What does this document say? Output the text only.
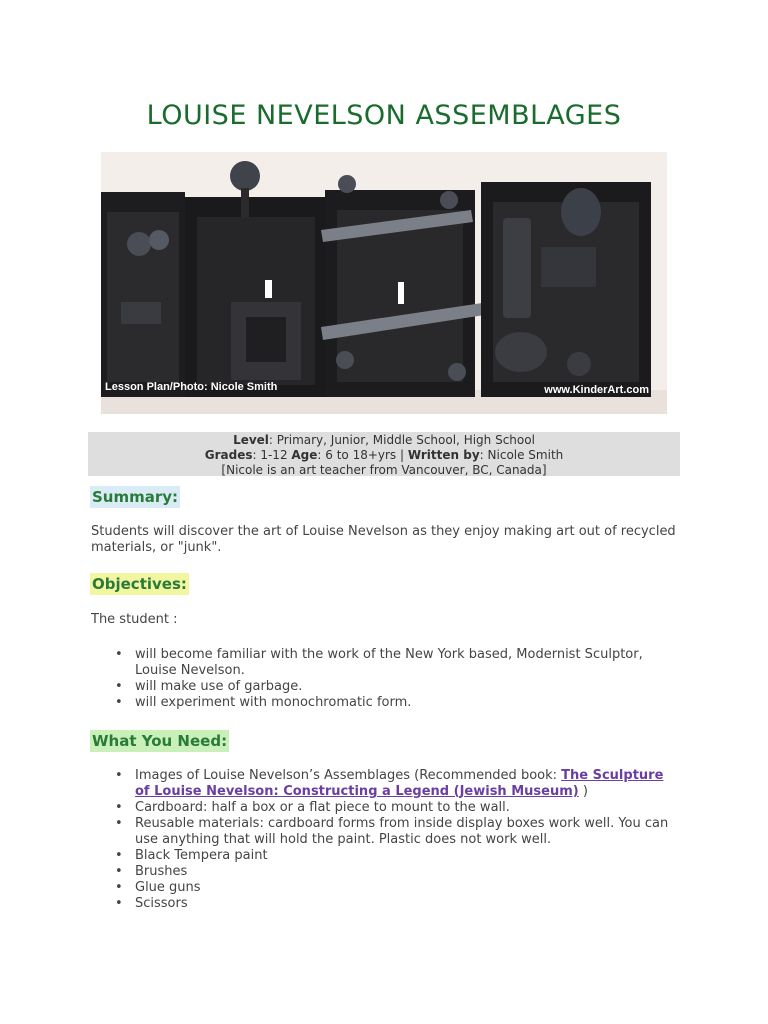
LOUISE NEVELSON ASSEMBLAGES
Lesson Plan/Photo: Nicole Smith	www.KinderArt.com
Level: Primary, Junior, Middle School, High School
Grades: 1-12 Age: 6 to 18+yrs | Written by: Nicole Smith
[Nicole is an art teacher from Vancouver, BC, Canada]
Summary:

Students will discover the art of Louise Nevelson as they enjoy making art out of recycled materials, or "junk".

Objectives:

The student :

• will become familiar with the work of the New York based, Modernist Sculptor, Louise Nevelson.
• will make use of garbage.
• will experiment with monochromatic form.
What You Need:
• Images of Louise Nevelson’s Assemblages (Recommended book: The Sculpture of Louise Nevelson: Constructing a Legend (Jewish Museum) )
• Cardboard: half a box or a flat piece to mount to the wall.
• Reusable materials: cardboard forms from inside display boxes work well. You can use anything that will hold the paint. Plastic does not work well.
• Black Tempera paint
• Brushes
• Glue guns
• Scissors
